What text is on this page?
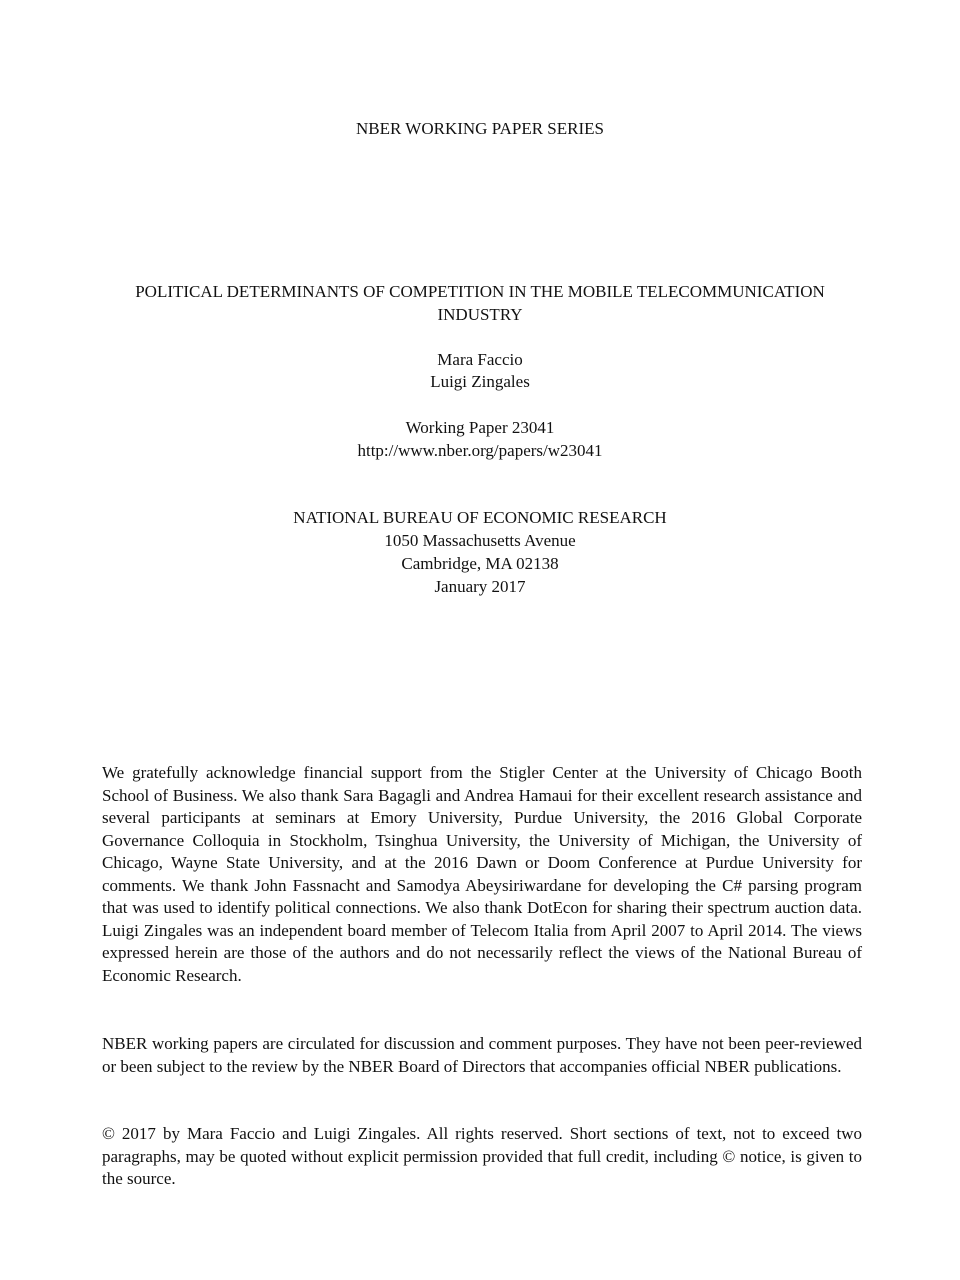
NBER WORKING PAPER SERIES
POLITICAL DETERMINANTS OF COMPETITION IN THE MOBILE TELECOMMUNICATION
INDUSTRY
Mara Faccio
Luigi Zingales
Working Paper 23041
http://www.nber.org/papers/w23041
NATIONAL BUREAU OF ECONOMIC RESEARCH
1050 Massachusetts Avenue
Cambridge, MA 02138
January 2017

We gratefully acknowledge financial support from the Stigler Center at the University of Chicago Booth School of Business. We also thank Sara Bagagli and Andrea Hamaui for their excellent research assistance and several participants at seminars at Emory University, Purdue University, the 2016 Global Corporate Governance Colloquia in Stockholm, Tsinghua University, the University of Michigan, the University of Chicago, Wayne State University, and at the 2016 Dawn or Doom Conference at Purdue University for comments. We thank John Fassnacht and Samodya Abeysiriwardane for developing the C# parsing program that was used to identify political connections. We also thank DotEcon for sharing their spectrum auction data. Luigi Zingales was an independent board member of Telecom Italia from April 2007 to April 2014. The views expressed herein are those of the authors and do not necessarily reflect the views of the National Bureau of Economic Research.

NBER working papers are circulated for discussion and comment purposes. They have not been peer-reviewed or been subject to the review by the NBER Board of Directors that accompanies official NBER publications.

© 2017 by Mara Faccio and Luigi Zingales. All rights reserved. Short sections of text, not to exceed two paragraphs, may be quoted without explicit permission provided that full credit, including © notice, is given to the source.
